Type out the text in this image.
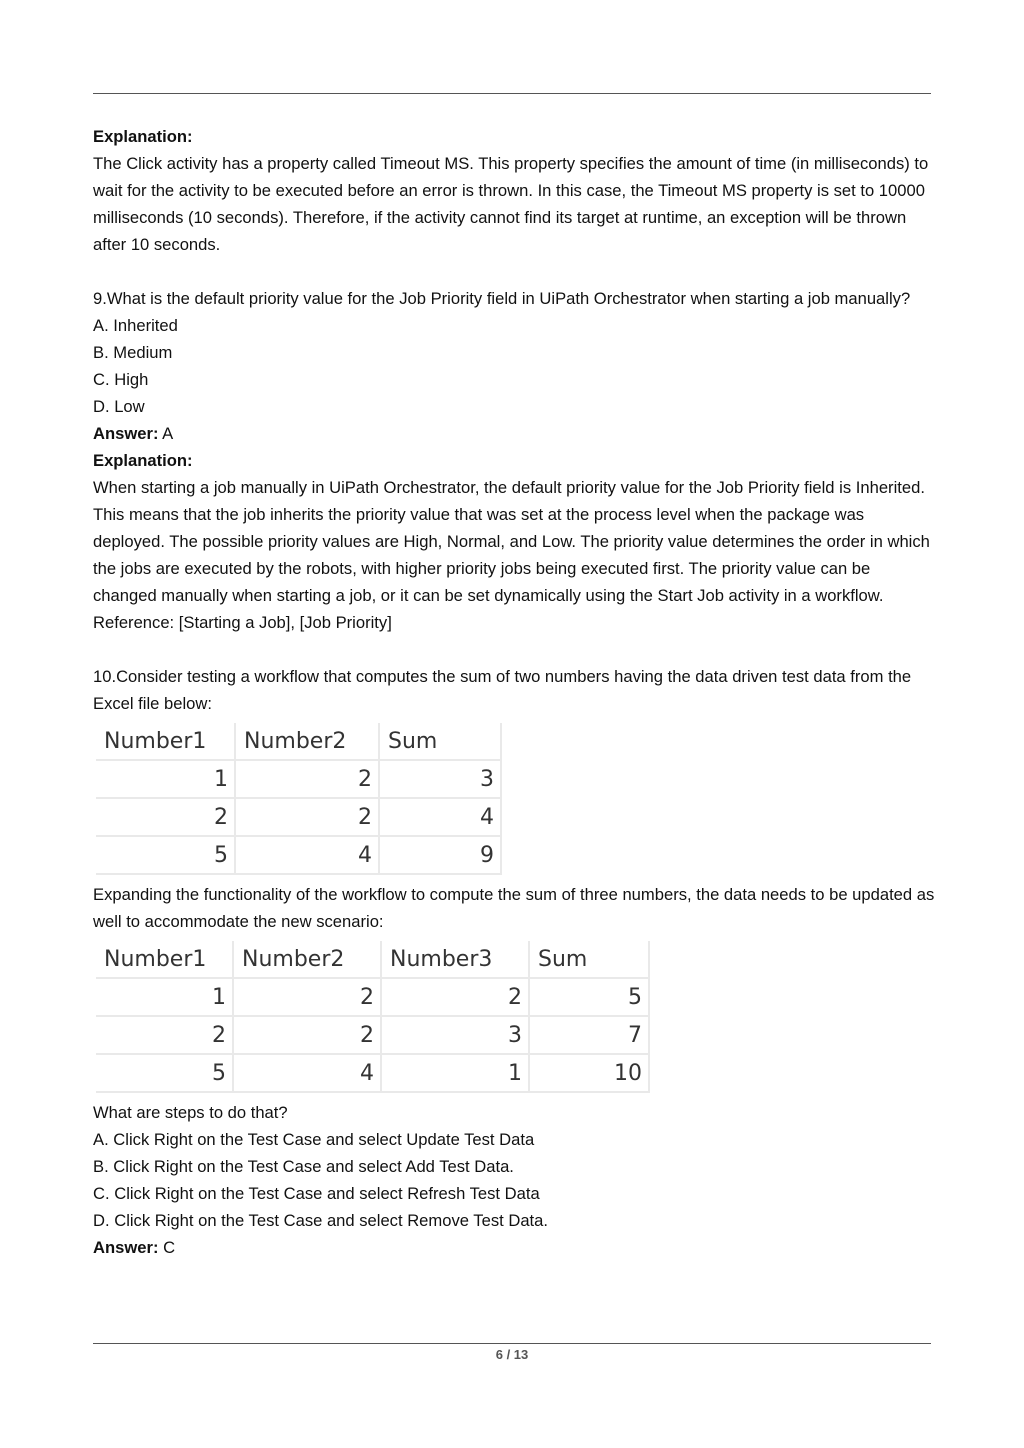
Explanation:

The Click activity has a property called Timeout MS. This property specifies the amount of time (in milliseconds) to wait for the activity to be executed before an error is thrown. In this case, the Timeout MS property is set to 10000 milliseconds (10 seconds). Therefore, if the activity cannot find its target at runtime, an exception will be thrown after 10 seconds.

9.What is the default priority value for the Job Priority field in UiPath Orchestrator when starting a job manually?

A. Inherited

B. Medium

C. High

D. Low

Answer: A

Explanation:

When starting a job manually in UiPath Orchestrator, the default priority value for the Job Priority field is Inherited. This means that the job inherits the priority value that was set at the process level when the package was deployed. The possible priority values are High, Normal, and Low. The priority value determines the order in which the jobs are executed by the robots, with higher priority jobs being executed first. The priority value can be changed manually when starting a job, or it can be set dynamically using the Start Job activity in a workflow.

Reference: [Starting a Job], [Job Priority]

10.Consider testing a workflow that computes the sum of two numbers having the data driven test data from the Excel file below:

Number1	Number2	Sum
1	2	3
2	2	4
5	4	9

Expanding the functionality of the workflow to compute the sum of three numbers, the data needs to be updated as well to accommodate the new scenario:

Number1	Number2	Number3	Sum
1	2	2	5
2	2	3	7
5	4	1	10

What are steps to do that?

A. Click Right on the Test Case and select Update Test Data

B. Click Right on the Test Case and select Add Test Data.

C. Click Right on the Test Case and select Refresh Test Data

D. Click Right on the Test Case and select Remove Test Data.

Answer: C

6 / 13
